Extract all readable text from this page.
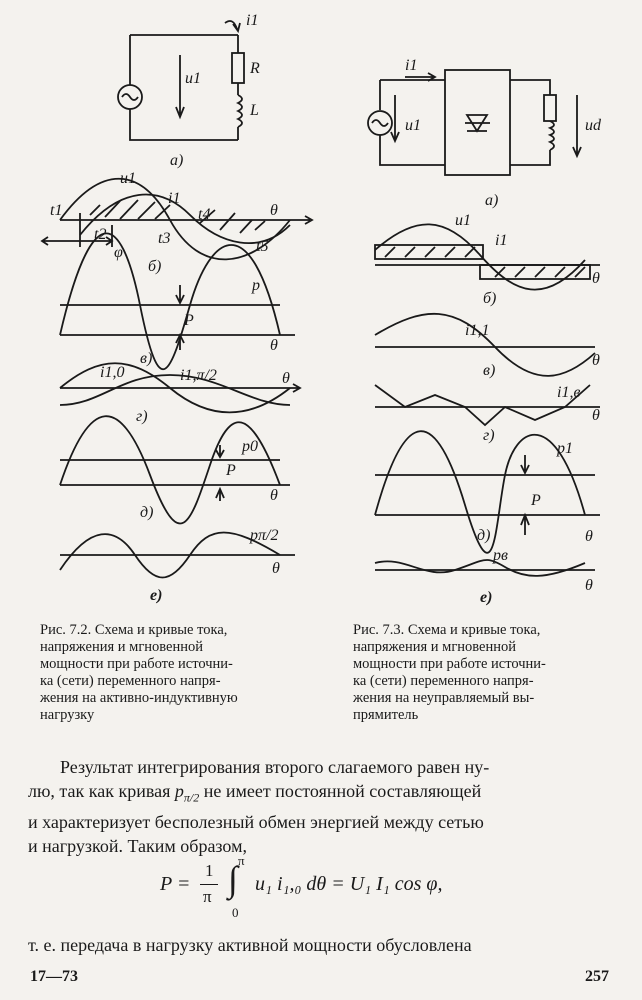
i1
u1
R
L
а)
u1
i1
t1
t2	t3
t4
t5
φ
θ
б)
p
P
θ
в)
i1,0	i1,π/2	θ
г)
p0
P
θ
д)
pπ/2
θ
е)
i1
u1	ud
а)
u1
i1
θ
б)
i1,1
θ
в)
i1,в
θ
г)
p1
P
θ
д)
pв
θ
е)
Рис. 7.2. Схема и кривые тока,
напряжения и мгновенной
мощности при работе источни-
ка (сети) переменного напря-
жения на активно-индуктивную
нагрузку
Рис. 7.3. Схема и кривые тока,
напряжения и мгновенной
мощности при работе источни-
ка (сети) переменного напря-
жения на неуправляемый вы-
прямитель
Результат интегрирования второго слагаемого равен ну-
лю, так как кривая $p_{\pi/2}$ не имеет постоянной составляющей
и характеризует бесполезный обмен энергией между сетью
и нагрузкой. Таким образом,
P =
1
π ∫ π
0
u₁ i₁,₀ dθ = U₁ I₁ cos φ,
т. е. передача в нагрузку активной мощности обусловлена
17—73	257
